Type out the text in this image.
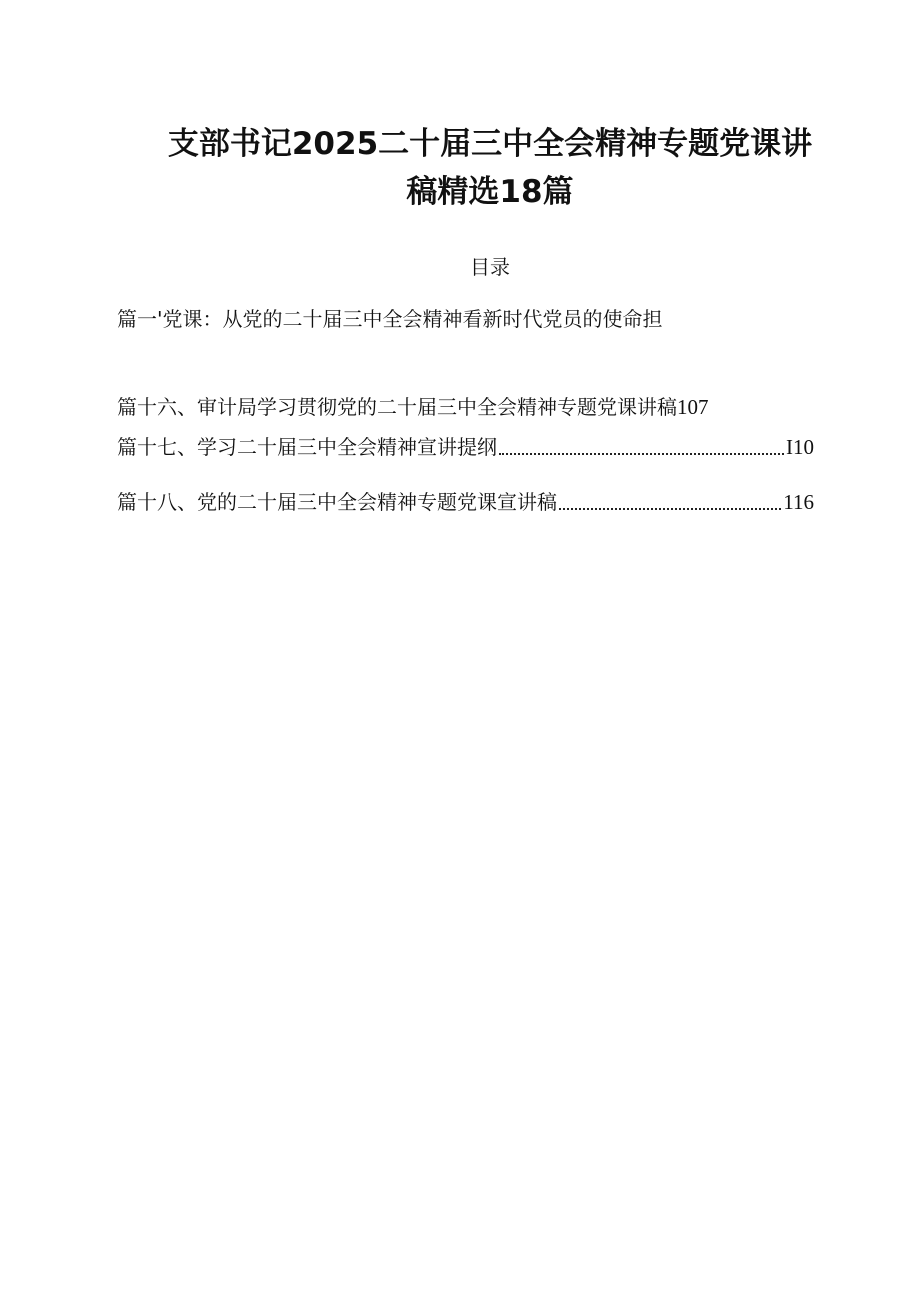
支部书记2025二十届三中全会精神专题党课讲
稿精选18篇
目录
篇一'党课：从党的二十届三中全会精神看新时代党员的使命担
篇十六、审计局学习贯彻党的二十届三中全会精神专题党课讲稿 107
篇十七、学习二十届三中全会精神宣讲提纲	I10
篇十八、党的二十届三中全会精神专题党课宣讲稿	116
